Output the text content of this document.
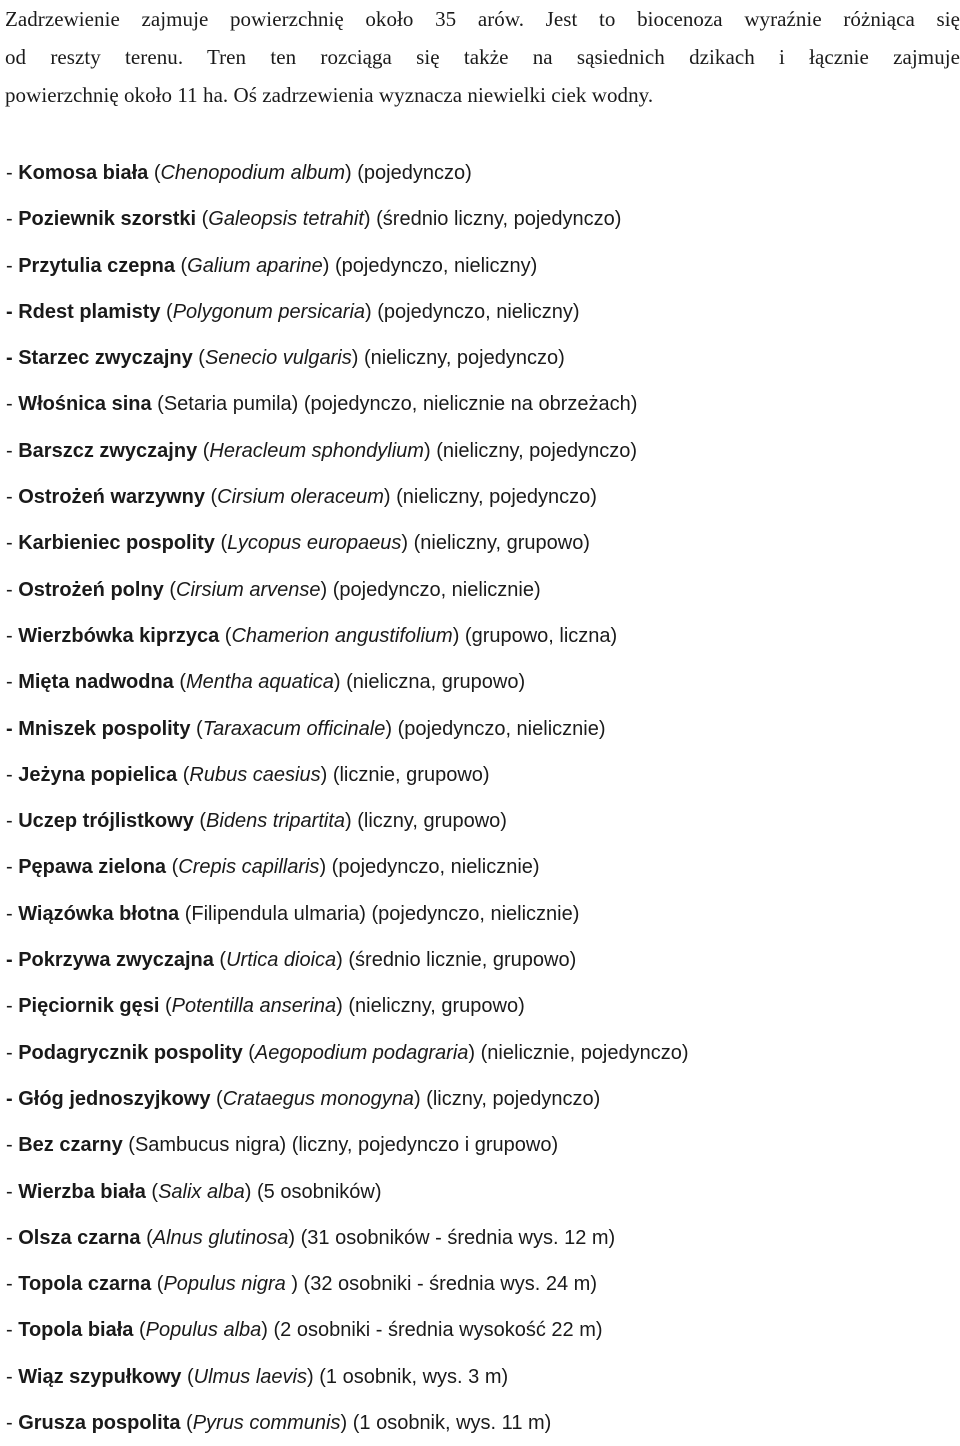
Zadrzewienie zajmuje powierzchnię około 35 arów. Jest to biocenoza wyraźnie różniąca się
od reszty terenu. Tren ten rozciąga się także na sąsiednich dzikach i łącznie zajmuje
powierzchnię około 11 ha. Oś zadrzewienia wyznacza niewielki ciek wodny.
- Komosa biała (Chenopodium album) (pojedynczo)
- Poziewnik szorstki (Galeopsis tetrahit) (średnio liczny, pojedynczo)
- Przytulia czepna (Galium aparine) (pojedynczo, nieliczny)
- Rdest plamisty (Polygonum persicaria) (pojedynczo, nieliczny)
- Starzec zwyczajny (Senecio vulgaris) (nieliczny, pojedynczo)
- Włośnica sina (Setaria pumila) (pojedynczo, nielicznie na obrzeżach)
- Barszcz zwyczajny (Heracleum sphondylium) (nieliczny, pojedynczo)
- Ostrożeń warzywny (Cirsium oleraceum) (nieliczny, pojedynczo)
- Karbieniec pospolity (Lycopus europaeus) (nieliczny, grupowo)
- Ostrożeń polny (Cirsium arvense) (pojedynczo, nielicznie)
- Wierzbówka kiprzyca (Chamerion angustifolium) (grupowo, liczna)
- Mięta nadwodna (Mentha aquatica) (nieliczna, grupowo)
- Mniszek pospolity (Taraxacum officinale) (pojedynczo, nielicznie)
- Jeżyna popielica (Rubus caesius) (licznie, grupowo)
- Uczep trójlistkowy (Bidens tripartita) (liczny, grupowo)
- Pępawa zielona (Crepis capillaris) (pojedynczo, nielicznie)
- Wiązówka błotna (Filipendula ulmaria) (pojedynczo, nielicznie)
- Pokrzywa zwyczajna (Urtica dioica) (średnio licznie, grupowo)
- Pięciornik gęsi (Potentilla anserina) (nieliczny, grupowo)
- Podagrycznik pospolity (Aegopodium podagraria) (nielicznie, pojedynczo)
- Głóg jednoszyjkowy (Crataegus monogyna) (liczny, pojedynczo)
- Bez czarny (Sambucus nigra) (liczny, pojedynczo i grupowo)
- Wierzba biała (Salix alba) (5 osobników)
- Olsza czarna (Alnus glutinosa) (31 osobników - średnia wys. 12 m)
- Topola czarna (Populus nigra ) (32 osobniki - średnia wys. 24 m)
- Topola biała (Populus alba) (2 osobniki - średnia wysokość 22 m)
- Wiąz szypułkowy (Ulmus laevis) (1 osobnik, wys. 3 m)
- Grusza pospolita (Pyrus communis) (1 osobnik, wys. 11 m)
